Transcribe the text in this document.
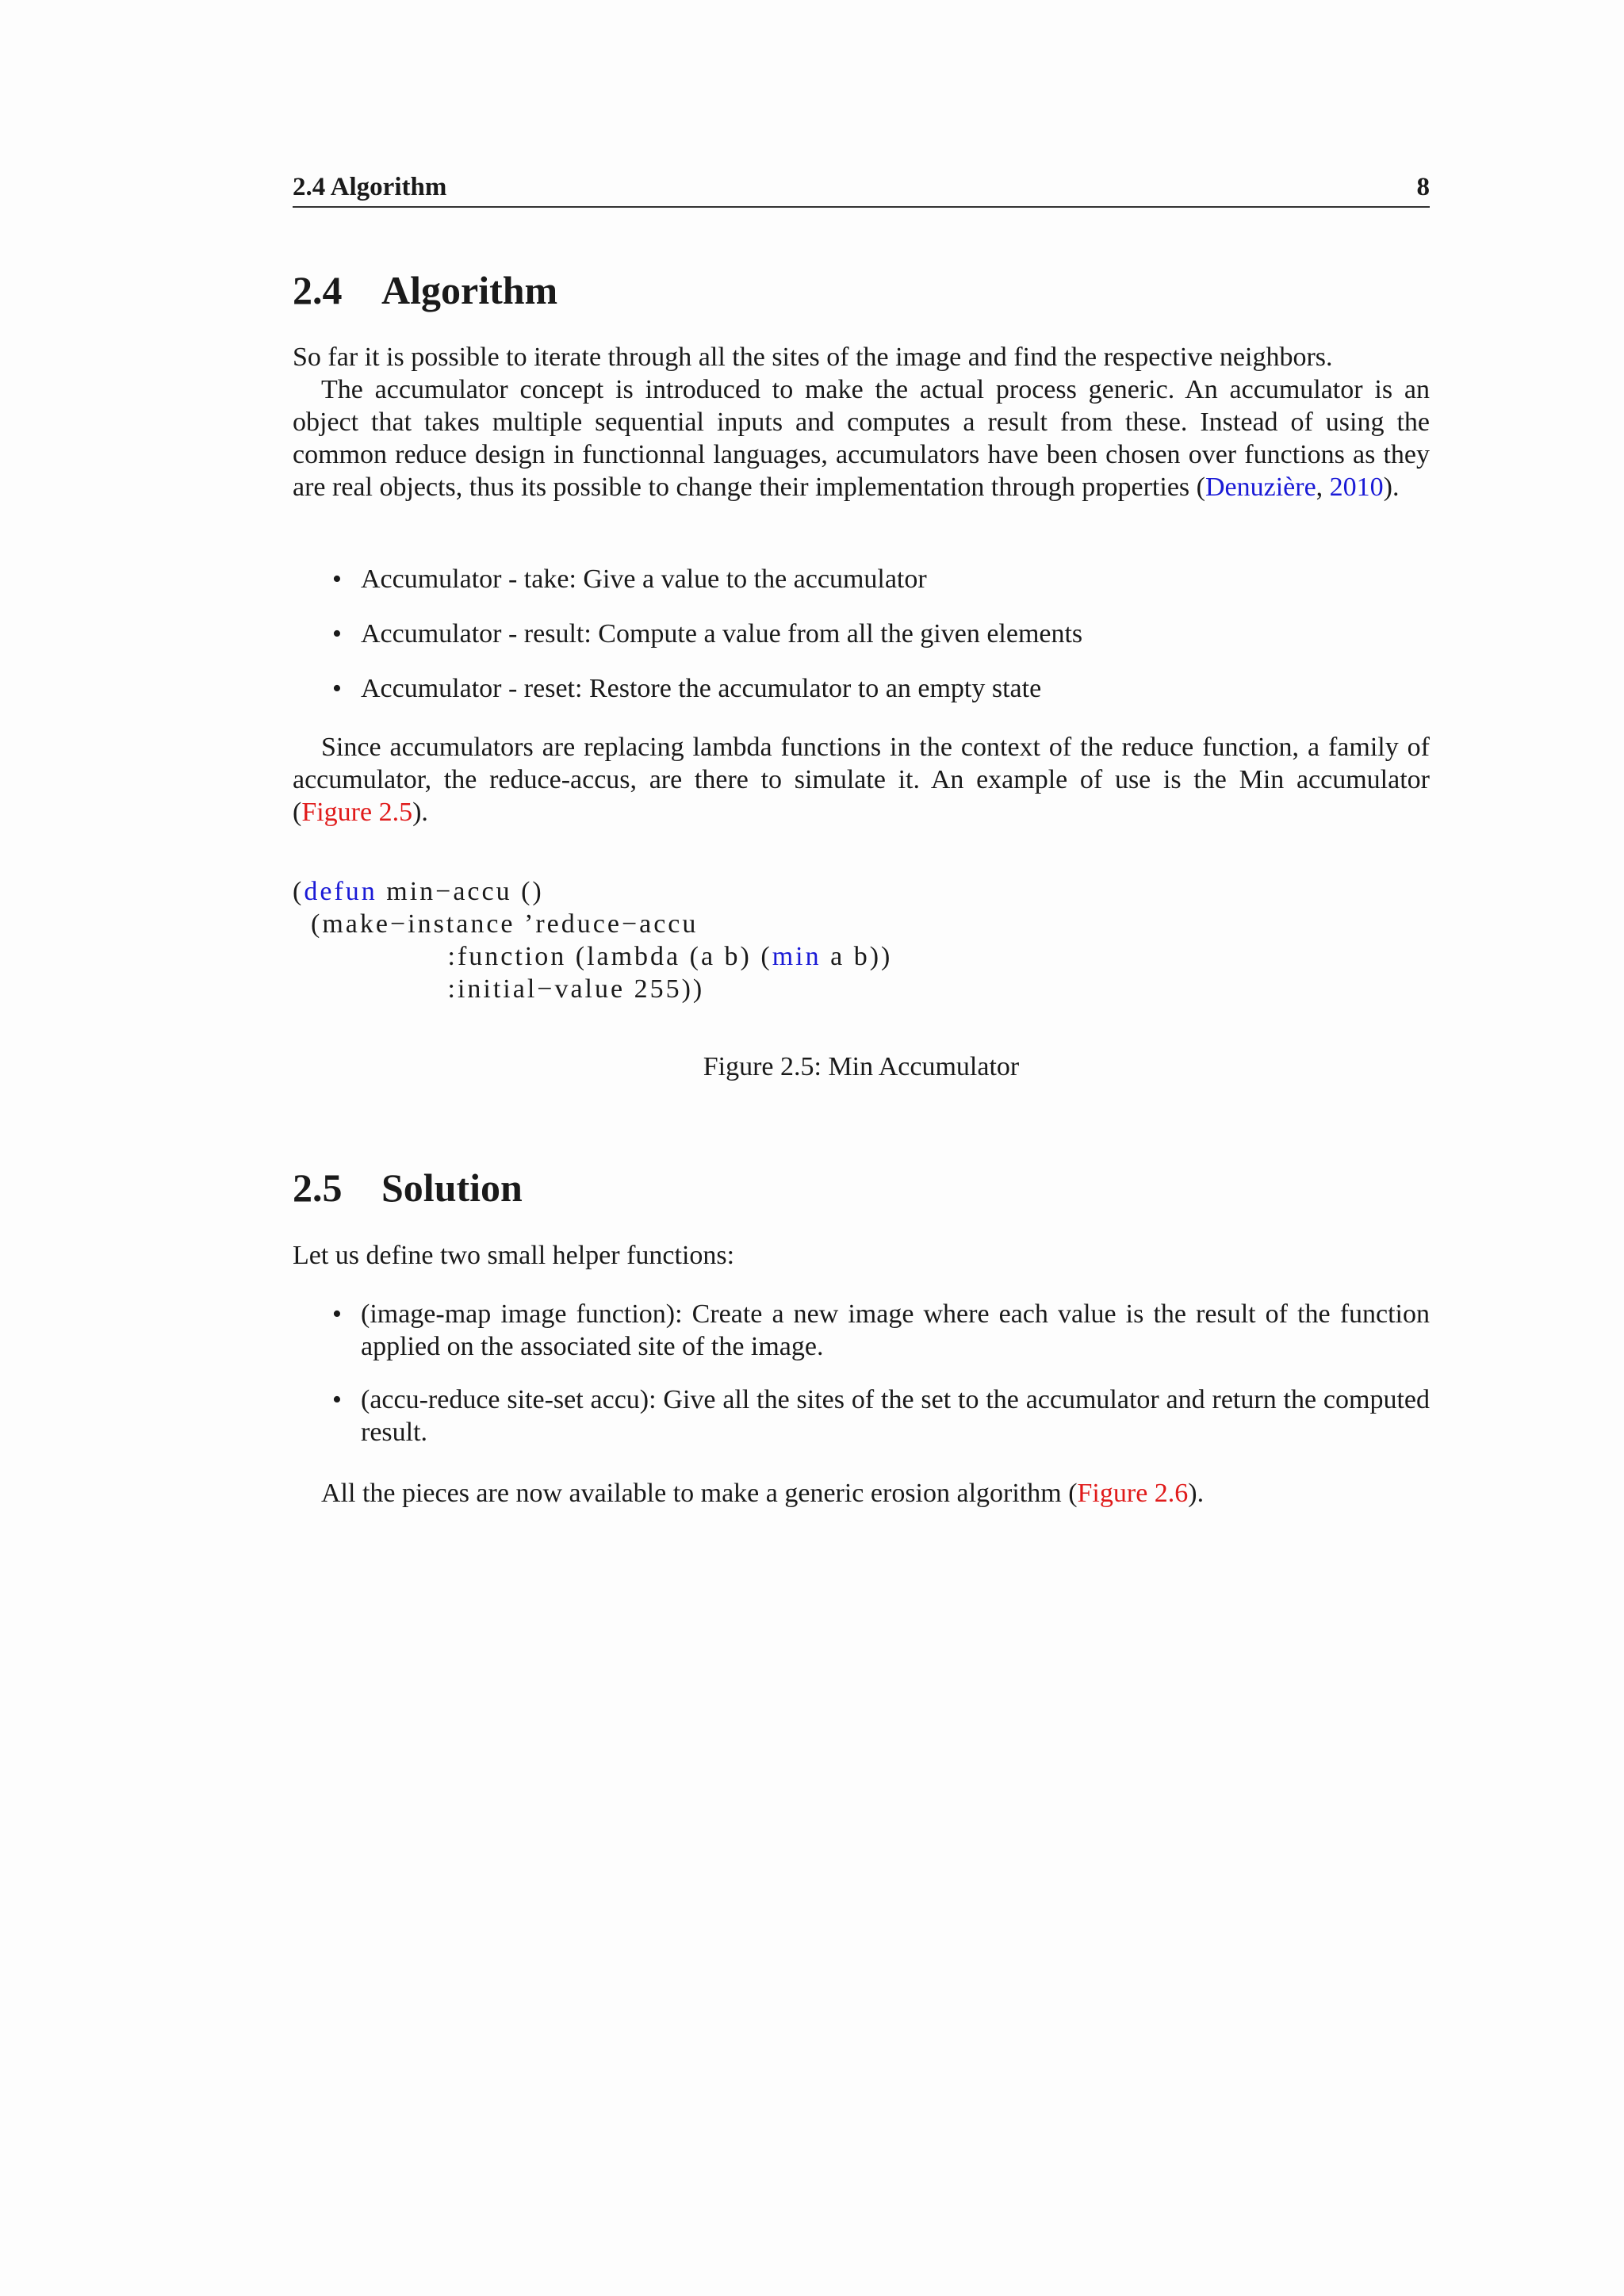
2.4 Algorithm	8
2.4 Algorithm

So far it is possible to iterate through all the sites of the image and find the respective neighbors.

The accumulator concept is introduced to make the actual process generic. An accumulator is an object that takes multiple sequential inputs and computes a result from these. Instead of using the common reduce design in functionnal languages, accumulators have been chosen over functions as they are real objects, thus its possible to change their implementation through properties (Denuzière, 2010).

• Accumulator - take: Give a value to the accumulator
• Accumulator - result: Compute a value from all the given elements
• Accumulator - reset: Restore the accumulator to an empty state

Since accumulators are replacing lambda functions in the context of the reduce function, a family of accumulator, the reduce-accus, are there to simulate it. An example of use is the Min accumulator (Figure 2.5).

(defun min−accu ()
(make−instance ’reduce−accu
:function (lambda (a b) (min a b))
:initial−value 255))

Figure 2.5: Min Accumulator

2.5 Solution

Let us define two small helper functions:

• (image-map image function): Create a new image where each value is the result of the function applied on the associated site of the image.
• (accu-reduce site-set accu): Give all the sites of the set to the accumulator and return the computed result.

All the pieces are now available to make a generic erosion algorithm (Figure 2.6).
